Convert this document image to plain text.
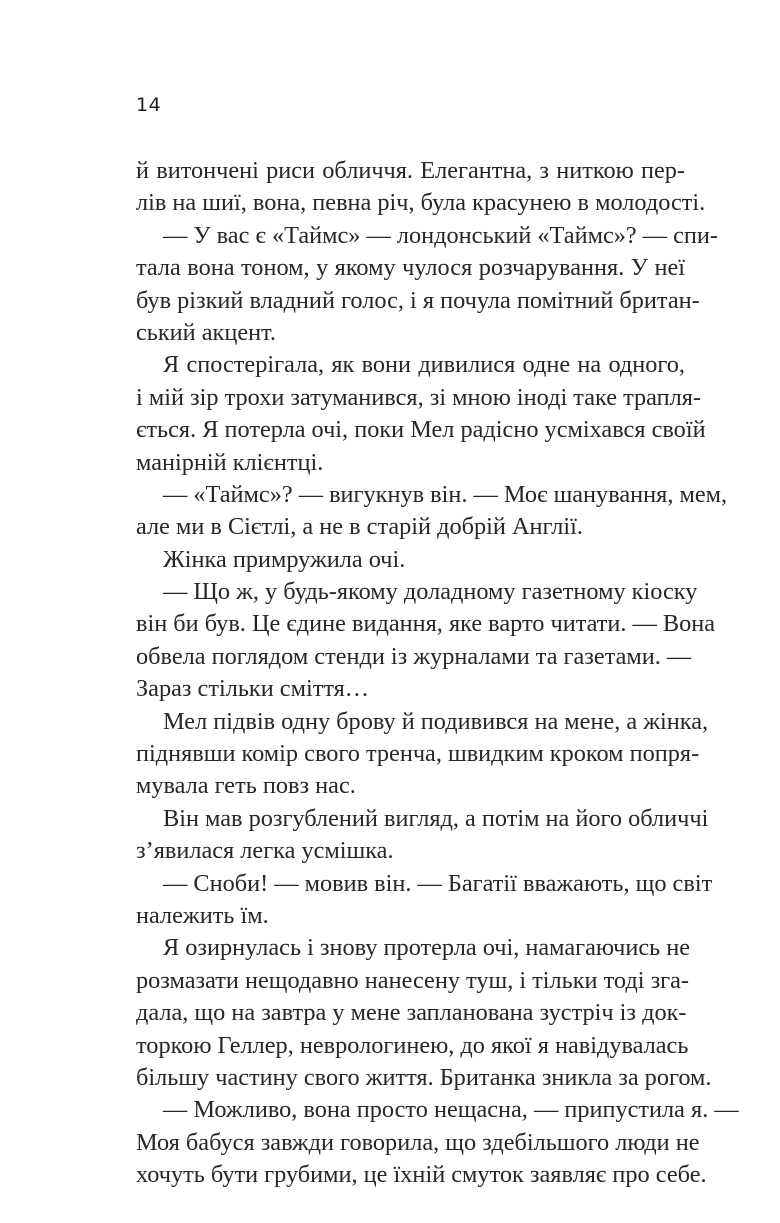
14
й витончені риси обличчя. Елегантна, з ниткою пер-
лів на шиї, вона, певна річ, була красунею в молодості.
— У вас є «Таймс» — лондонський «Таймс»? — спи-
тала вона тоном, у якому чулося розчарування. У неї
був різкий владний голос, і я почула помітний британ-
ський акцент.
Я спостерігала, як вони дивилися одне на одного,
і мій зір трохи затуманився, зі мною іноді таке трапля-
ється. Я потерла очі, поки Мел радісно усміхався своїй
манірній клієнтці.
— «Таймс»? — вигукнув він. — Моє шанування, мем,
але ми в Сієтлі, а не в старій добрій Англії.
Жінка примружила очі.
— Що ж, у будь-якому доладному газетному кіоску
він би був. Це єдине видання, яке варто читати. — Вона
обвела поглядом стенди із журналами та газетами. —
Зараз стільки сміття…
Мел підвів одну брову й подивився на мене, а жінка,
піднявши комір свого тренча, швидким кроком попря-
мувала геть повз нас.
Він мав розгублений вигляд, а потім на його обличчі
з’явилася легка усмішка.
— Сноби! — мовив він. — Багатії вважають, що світ
належить їм.
Я озирнулась і знову протерла очі, намагаючись не
розмазати нещодавно нанесену туш, і тільки тоді зга-
дала, що на завтра у мене запланована зустріч із док-
торкою Геллер, неврологинею, до якої я навідувалась
більшу частину свого життя. Британка зникла за рогом.
— Можливо, вона просто нещасна, — припустила я. —
Моя бабуся завжди говорила, що здебільшого люди не
хочуть бути грубими, це їхній смуток заявляє про себе.
